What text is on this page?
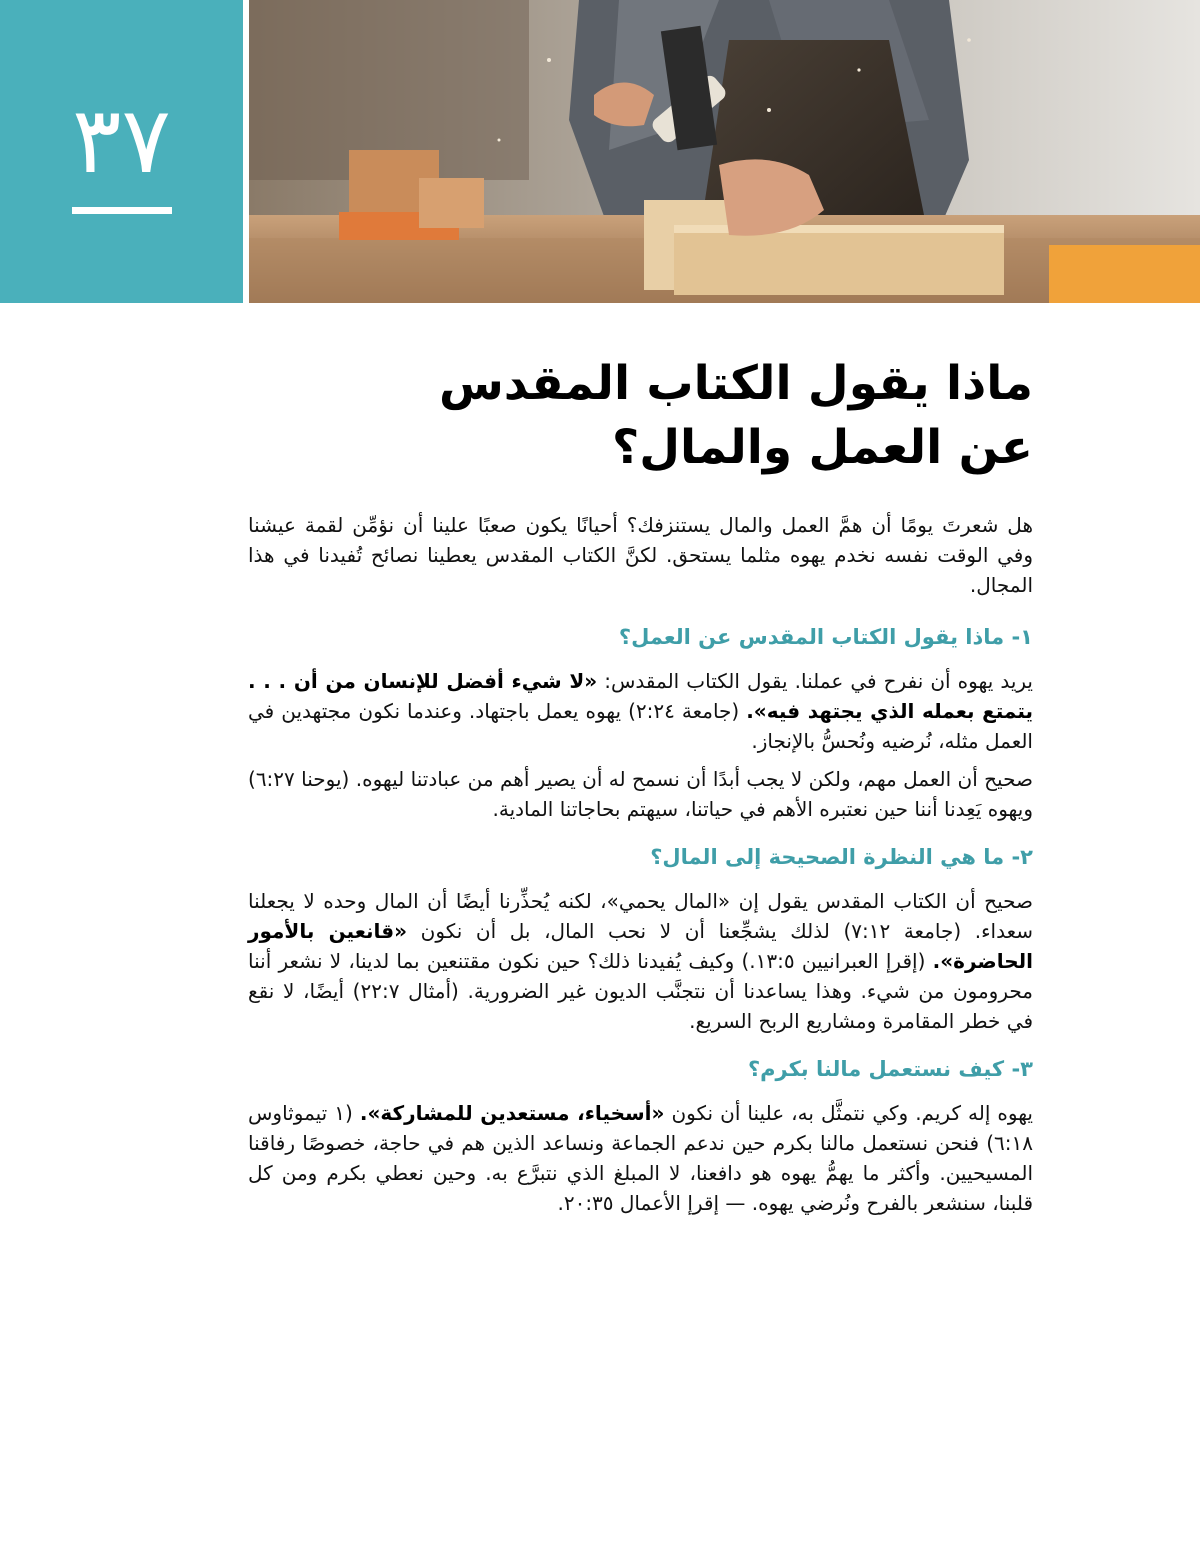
٣٧
ماذا يقول الكتاب المقدس
عن العمل والمال؟

هل شعرتَ يومًا أن همَّ العمل والمال يستنزفك؟ أحيانًا يكون صعبًا علينا أن نؤمِّن لقمة عيشنا وفي الوقت نفسه نخدم يهوه مثلما يستحق. لكنَّ الكتاب المقدس يعطينا نصائح تُفيدنا في هذا المجال.

١- ماذا يقول الكتاب المقدس عن العمل؟

يريد يهوه أن نفرح في عملنا. يقول الكتاب المقدس: «لا شيء أفضل للإنسان من أن . . . يتمتع بعمله الذي يجتهد فيه». (جامعة ٢:٢٤) يهوه يعمل باجتهاد. وعندما نكون مجتهدين في العمل مثله، نُرضيه ونُحسُّ بالإنجاز.

صحيح أن العمل مهم، ولكن لا يجب أبدًا أن نسمح له أن يصير أهم من عبادتنا ليهوه. (يوحنا ٦:٢٧) ويهوه يَعِدنا أننا حين نعتبره الأهم في حياتنا، سيهتم بحاجاتنا المادية.

٢- ما هي النظرة الصحيحة إلى المال؟

صحيح أن الكتاب المقدس يقول إن «المال يحمي»، لكنه يُحذِّرنا أيضًا أن المال وحده لا يجعلنا سعداء. (جامعة ٧:١٢) لذلك يشجِّعنا أن لا نحب المال، بل أن نكون «قانعين بالأمور الحاضرة». (إقرإ العبرانيين ١٣:٥.) وكيف يُفيدنا ذلك؟ حين نكون مقتنعين بما لدينا، لا نشعر أننا محرومون من شيء. وهذا يساعدنا أن نتجنَّب الديون غير الضرورية. (أمثال ٢٢:٧) أيضًا، لا نقع في خطر المقامرة ومشاريع الربح السريع.

٣- كيف نستعمل مالنا بكرم؟

يهوه إله كريم. وكي نتمثَّل به، علينا أن نكون «أسخياء، مستعدين للمشاركة». (١ تيموثاوس ٦:١٨) فنحن نستعمل مالنا بكرم حين ندعم الجماعة ونساعد الذين هم في حاجة، خصوصًا رفاقنا المسيحيين. وأكثر ما يهمُّ يهوه هو دافعنا، لا المبلغ الذي نتبرَّع به. وحين نعطي بكرم ومن كل قلبنا، سنشعر بالفرح ونُرضي يهوه. — إقرإ الأعمال ٢٠:٣٥.
